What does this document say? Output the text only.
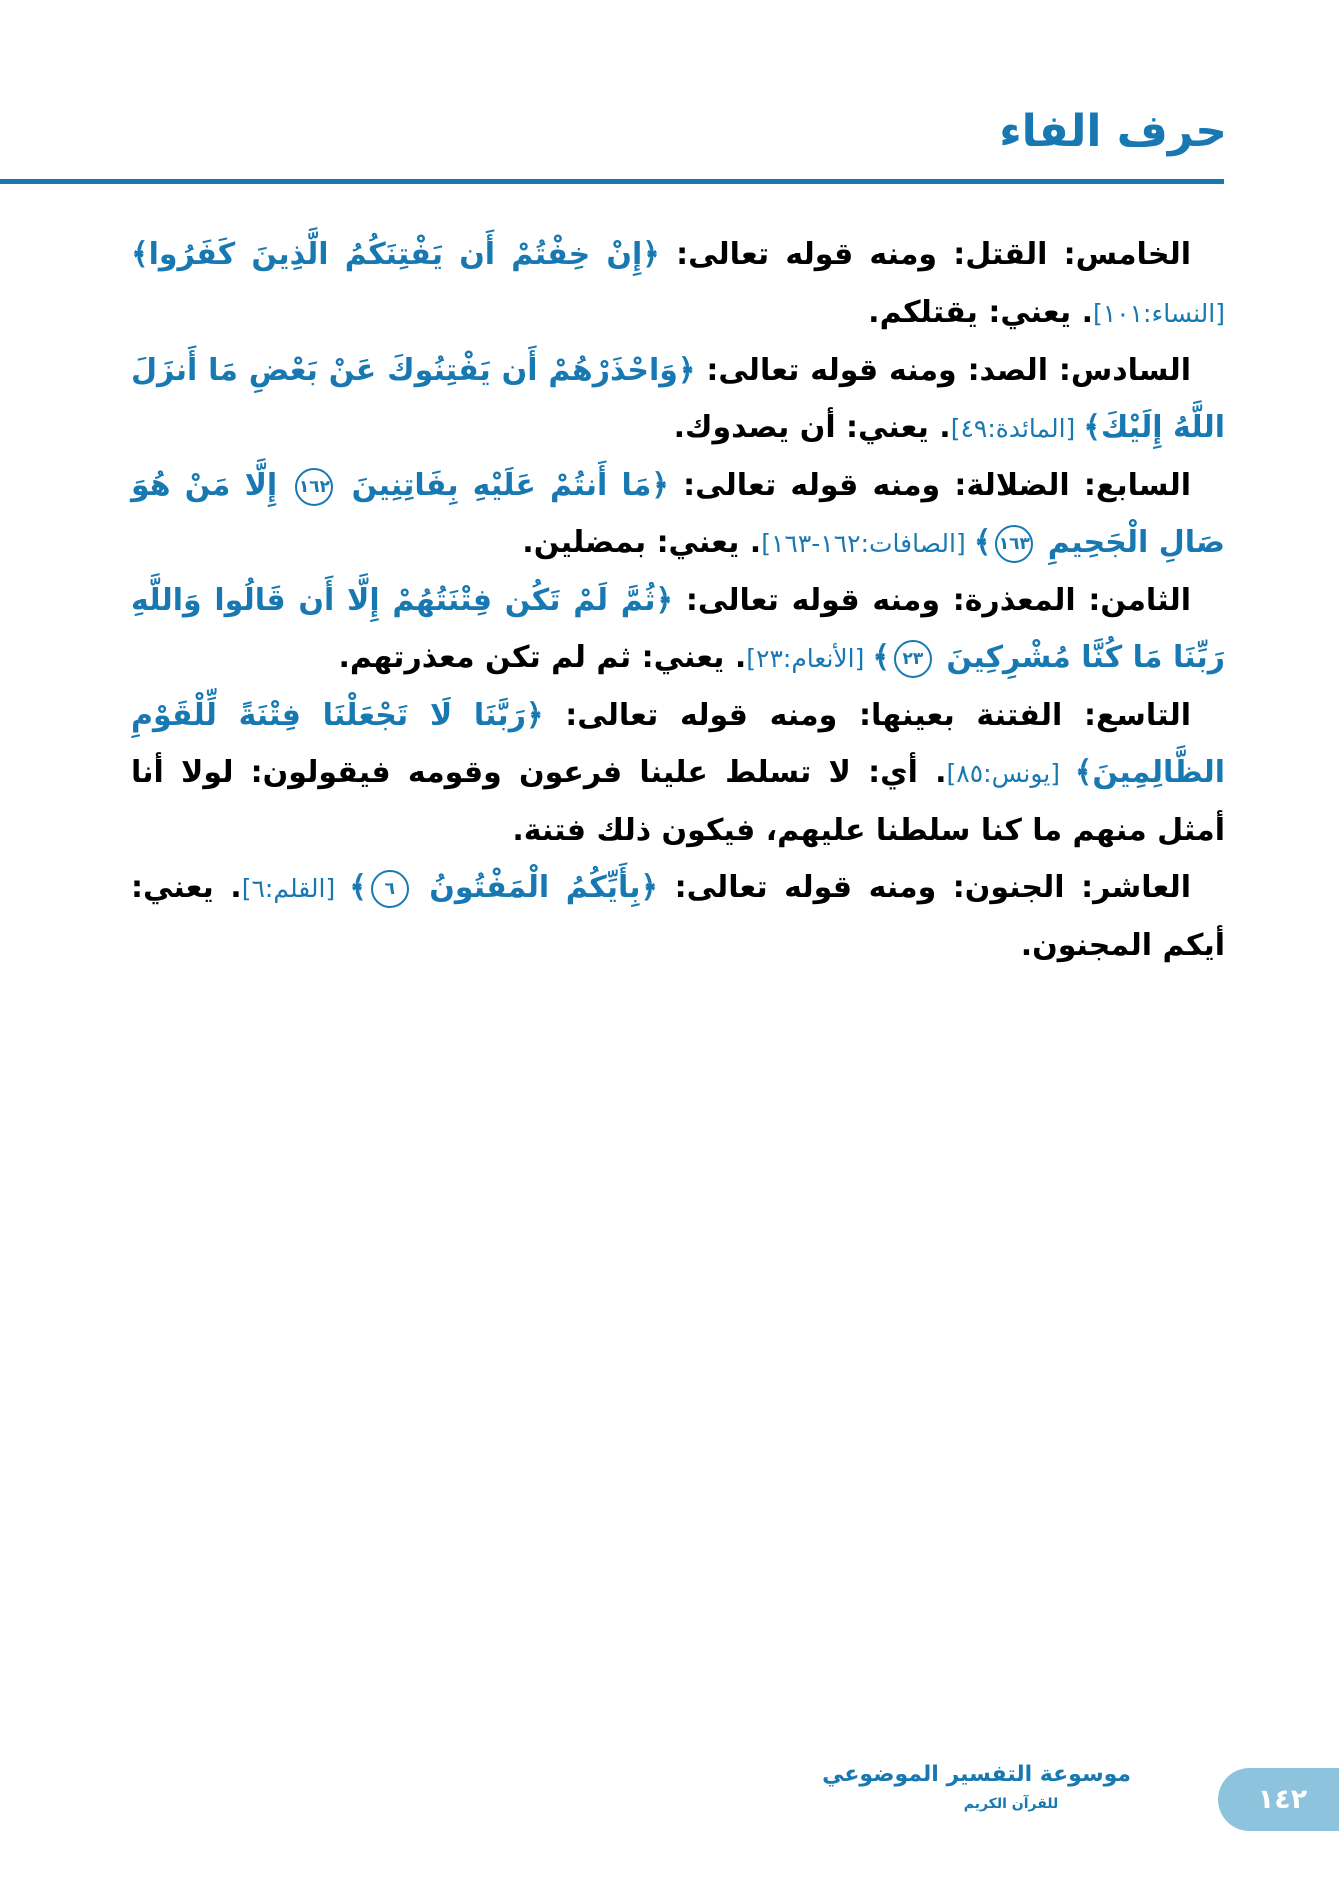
حرف الفاء

الخامس: القتل: ومنه قوله تعالى: ﴿إِنْ خِفْتُمْ أَن يَفْتِنَكُمُ الَّذِينَ كَفَرُوا﴾ [النساء:١٠١]. يعني: يقتلكم.

السادس: الصد: ومنه قوله تعالى: ﴿وَاحْذَرْهُمْ أَن يَفْتِنُوكَ عَنْ بَعْضِ مَا أَنزَلَ اللَّهُ إِلَيْكَ﴾ [المائدة:٤٩]. يعني: أن يصدوك.

السابع: الضلالة: ومنه قوله تعالى: ﴿مَا أَنتُمْ عَلَيْهِ بِفَاتِنِينَ ١٦٢ إِلَّا مَنْ هُوَ صَالِ الْجَحِيمِ ١٦٣﴾ [الصافات:١٦٢-١٦٣]. يعني: بمضلين.

الثامن: المعذرة: ومنه قوله تعالى: ﴿ثُمَّ لَمْ تَكُن فِتْنَتُهُمْ إِلَّا أَن قَالُوا وَاللَّهِ رَبِّنَا مَا كُنَّا مُشْرِكِينَ ٢٣﴾ [الأنعام:٢٣]. يعني: ثم لم تكن معذرتهم.

التاسع: الفتنة بعينها: ومنه قوله تعالى: ﴿رَبَّنَا لَا تَجْعَلْنَا فِتْنَةً لِّلْقَوْمِ الظَّالِمِينَ﴾ [يونس:٨٥]. أي: لا تسلط علينا فرعون وقومه فيقولون: لولا أنا أمثل منهم ما كنا سلطنا عليهم، فيكون ذلك فتنة.

العاشر: الجنون: ومنه قوله تعالى: ﴿بِأَيِّكُمُ الْمَفْتُونُ ٦﴾ [القلم:٦]. يعني: أيكم المجنون.

موسوعة التفسير الموضوعي
للقرآن الكريم	١٤٢
